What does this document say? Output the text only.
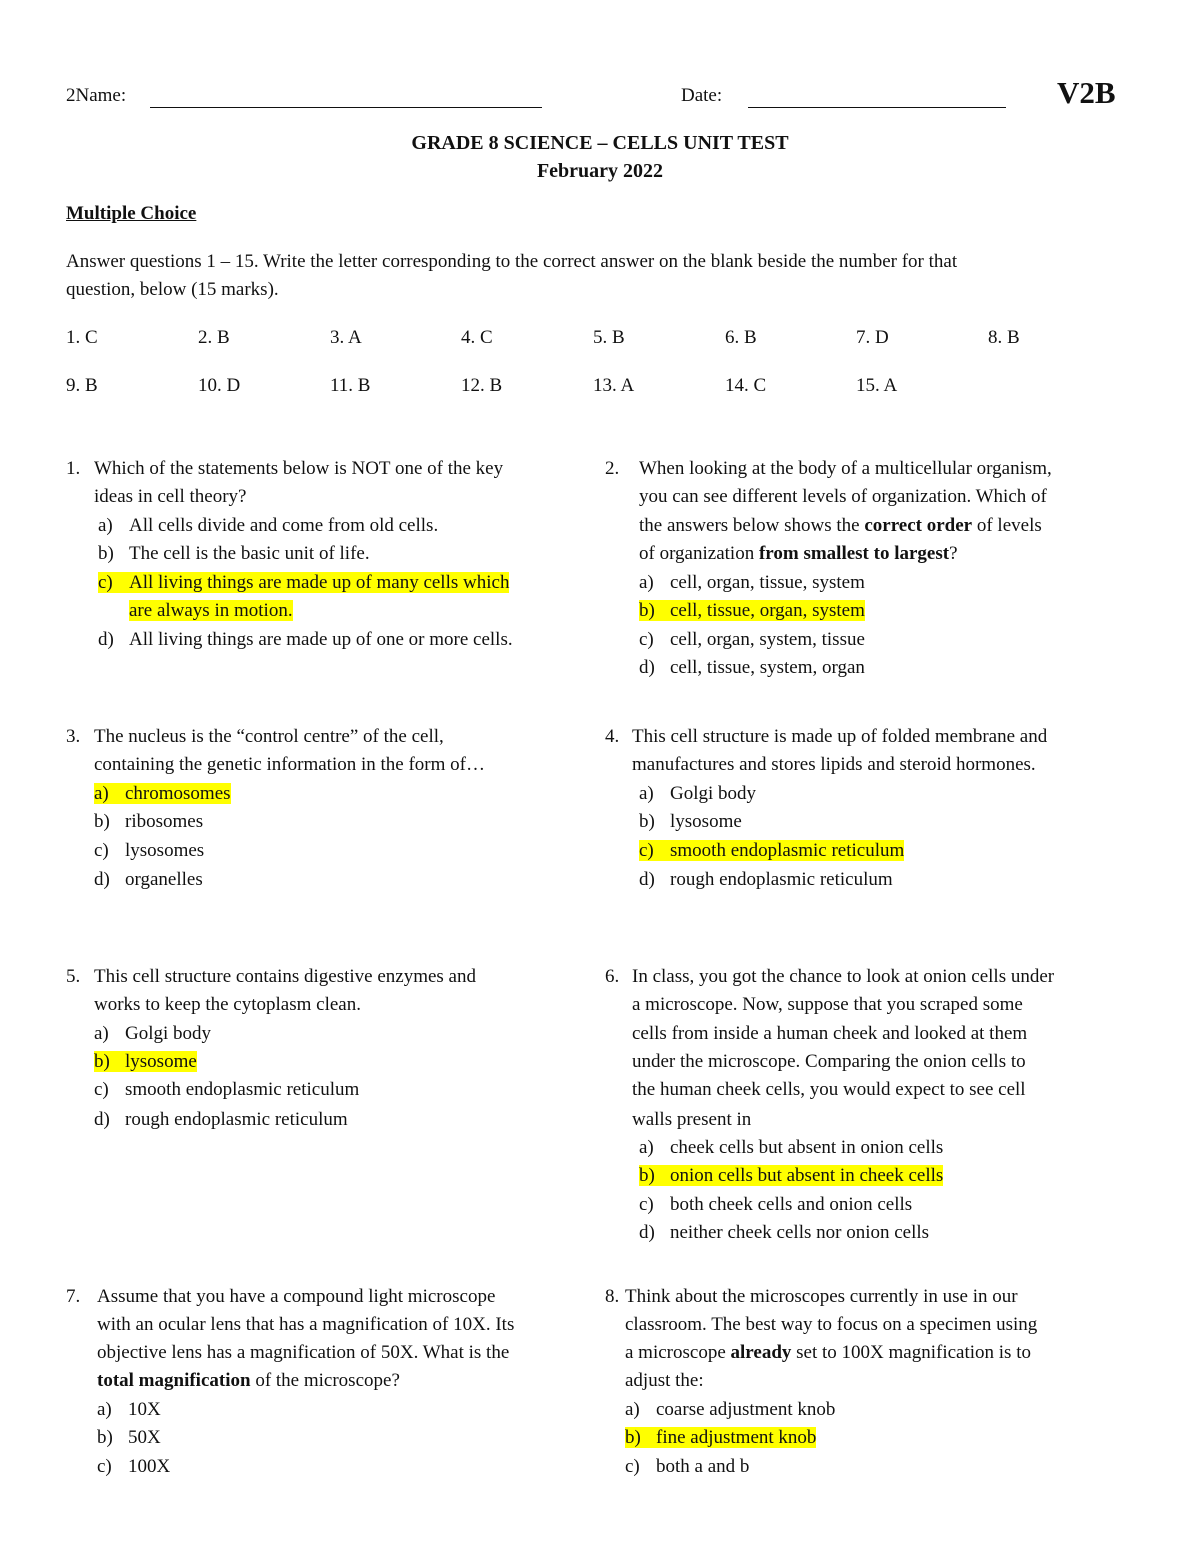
2Name:	Date:	V2B
GRADE 8 SCIENCE – CELLS UNIT TEST
February 2022
Multiple Choice
Answer questions 1 – 15. Write the letter corresponding to the correct answer on the blank beside the number for that
question, below (15 marks).
1. C	2. B	3. A	4. C	5. B	6. B	7. D	8. B
9. B	10. D	11. B	12. B	13. A	14. C	15. A
1. Which of the statements below is NOT one of the key
ideas in cell theory?
a) All cells divide and come from old cells.
b) The cell is the basic unit of life.
c) All living things are made up of many cells which
are always in motion.
d) All living things are made up of one or more cells.
2. When looking at the body of a multicellular organism,
you can see different levels of organization. Which of
the answers below shows the correct order of levels
of organization from smallest to largest?
a) cell, organ, tissue, system
b) cell, tissue, organ, system
c) cell, organ, system, tissue
d) cell, tissue, system, organ
3. The nucleus is the “control centre” of the cell,
containing the genetic information in the form of…
a) chromosomes
b) ribosomes
c) lysosomes
d) organelles
4. This cell structure is made up of folded membrane and
manufactures and stores lipids and steroid hormones.
a) Golgi body
b) lysosome
c) smooth endoplasmic reticulum
d) rough endoplasmic reticulum
5. This cell structure contains digestive enzymes and
works to keep the cytoplasm clean.
a) Golgi body
b) lysosome
c) smooth endoplasmic reticulum
d) rough endoplasmic reticulum
6. In class, you got the chance to look at onion cells under
a microscope. Now, suppose that you scraped some
cells from inside a human cheek and looked at them
under the microscope. Comparing the onion cells to
the human cheek cells, you would expect to see cell
walls present in
a) cheek cells but absent in onion cells
b) onion cells but absent in cheek cells
c) both cheek cells and onion cells
d) neither cheek cells nor onion cells
7. Assume that you have a compound light microscope
with an ocular lens that has a magnification of 10X. Its
objective lens has a magnification of 50X. What is the
total magnification of the microscope?
a) 10X
b) 50X
c) 100X
8. Think about the microscopes currently in use in our
classroom. The best way to focus on a specimen using
a microscope already set to 100X magnification is to
adjust the:
a) coarse adjustment knob
b) fine adjustment knob
c) both a and b
